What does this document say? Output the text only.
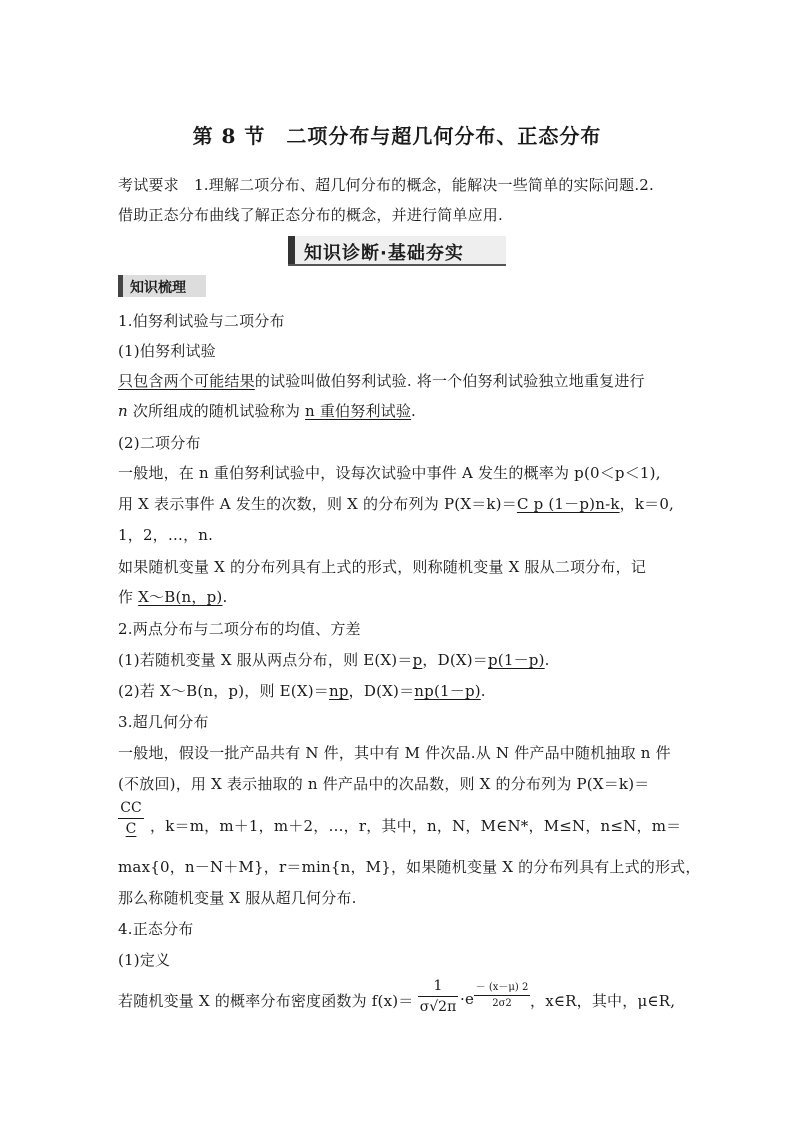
第 8 节　二项分布与超几何分布、正态分布
考试要求　1.理解二项分布、超几何分布的概念，能解决一些简单的实际问题.2.
借助正态分布曲线了解正态分布的概念，并进行简单应用.
知识诊断·基础夯实
知识梳理
1.伯努利试验与二项分布
(1)伯努利试验
只包含两个可能结果的试验叫做伯努利试验. 将一个伯努利试验独立地重复进行
n 次所组成的随机试验称为 n 重伯努利试验.
(2)二项分布
一般地，在 n 重伯努利试验中，设每次试验中事件 A 发生的概率为 p(0＜p＜1),
用 X 表示事件 A 发生的次数，则 X 的分布列为 P(X＝k)＝C p (1－p)n-k，k＝0,
1，2，…，n.
如果随机变量 X 的分布列具有上式的形式，则称随机变量 X 服从二项分布，记
作 X～B(n，p).
2.两点分布与二项分布的均值、方差
(1)若随机变量 X 服从两点分布，则 E(X)＝p，D(X)＝p(1－p).
(2)若 X～B(n，p)，则 E(X)＝np，D(X)＝np(1－p).
3.超几何分布
一般地，假设一批产品共有 N 件，其中有 M 件次品.从 N 件产品中随机抽取 n 件
(不放回)，用 X 表示抽取的 n 件产品中的次品数，则 X 的分布列为 P(X＝k)＝
CC
C ，k＝m，m＋1，m＋2，…，r，其中，n，N，M∈N*，M≤N，n≤N，m＝
max{0，n－N＋M}，r＝min{n，M}，如果随机变量 X 的分布列具有上式的形式，
那么称随机变量 X 服从超几何分布.
4.正态分布
(1)定义
若随机变量 X 的概率分布密度函数为 f(x)＝
1
σ√2π ·e
－ (x－μ) 2
2σ2	，x∈R，其中，μ∈R,
